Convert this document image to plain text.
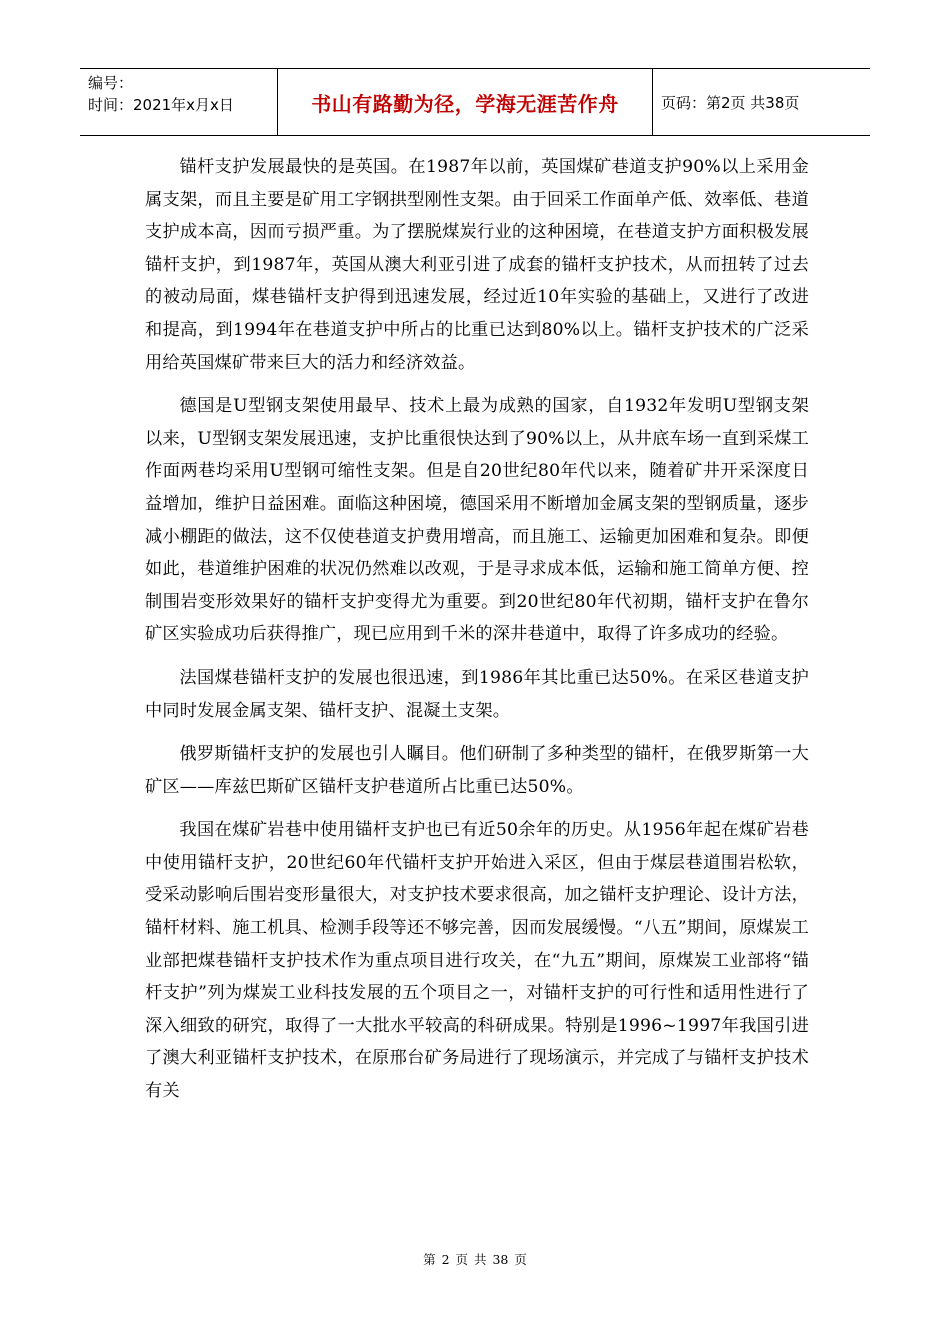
编号：
时间：2021年x月x日	书山有路勤为径，学海无涯苦作舟	页码：第2页 共38页

锚杆支护发展最快的是英国。在1987年以前，英国煤矿巷道支护90%以上采用金属支架，而且主要是矿用工字钢拱型刚性支架。由于回采工作面单产低、效率低、巷道支护成本高，因而亏损严重。为了摆脱煤炭行业的这种困境，在巷道支护方面积极发展锚杆支护，到1987年，英国从澳大利亚引进了成套的锚杆支护技术，从而扭转了过去的被动局面，煤巷锚杆支护得到迅速发展，经过近10年实验的基础上，又进行了改进和提高，到1994年在巷道支护中所占的比重已达到80%以上。锚杆支护技术的广泛采用给英国煤矿带来巨大的活力和经济效益。

德国是U型钢支架使用最早、技术上最为成熟的国家，自1932年发明U型钢支架以来，U型钢支架发展迅速，支护比重很快达到了90%以上，从井底车场一直到采煤工作面两巷均采用U型钢可缩性支架。但是自20世纪80年代以来，随着矿井开采深度日益增加，维护日益困难。面临这种困境，德国采用不断增加金属支架的型钢质量，逐步减小棚距的做法，这不仅使巷道支护费用增高，而且施工、运输更加困难和复杂。即便如此，巷道维护困难的状况仍然难以改观，于是寻求成本低，运输和施工简单方便、控制围岩变形效果好的锚杆支护变得尤为重要。到20世纪80年代初期，锚杆支护在鲁尔矿区实验成功后获得推广，现已应用到千米的深井巷道中，取得了许多成功的经验。

法国煤巷锚杆支护的发展也很迅速，到1986年其比重已达50%。在采区巷道支护中同时发展金属支架、锚杆支护、混凝土支架。

俄罗斯锚杆支护的发展也引人瞩目。他们研制了多种类型的锚杆，在俄罗斯第一大矿区——库兹巴斯矿区锚杆支护巷道所占比重已达50%。

我国在煤矿岩巷中使用锚杆支护也已有近50余年的历史。从1956年起在煤矿岩巷中使用锚杆支护，20世纪60年代锚杆支护开始进入采区，但由于煤层巷道围岩松软，受采动影响后围岩变形量很大，对支护技术要求很高，加之锚杆支护理论、设计方法，锚杆材料、施工机具、检测手段等还不够完善，因而发展缓慢。“八五”期间，原煤炭工业部把煤巷锚杆支护技术作为重点项目进行攻关，在“九五”期间，原煤炭工业部将“锚杆支护”列为煤炭工业科技发展的五个项目之一，对锚杆支护的可行性和适用性进行了深入细致的研究，取得了一大批水平较高的科研成果。特别是1996~1997年我国引进了澳大利亚锚杆支护技术，在原邢台矿务局进行了现场演示，并完成了与锚杆支护技术有关

第 2 页 共 38 页
